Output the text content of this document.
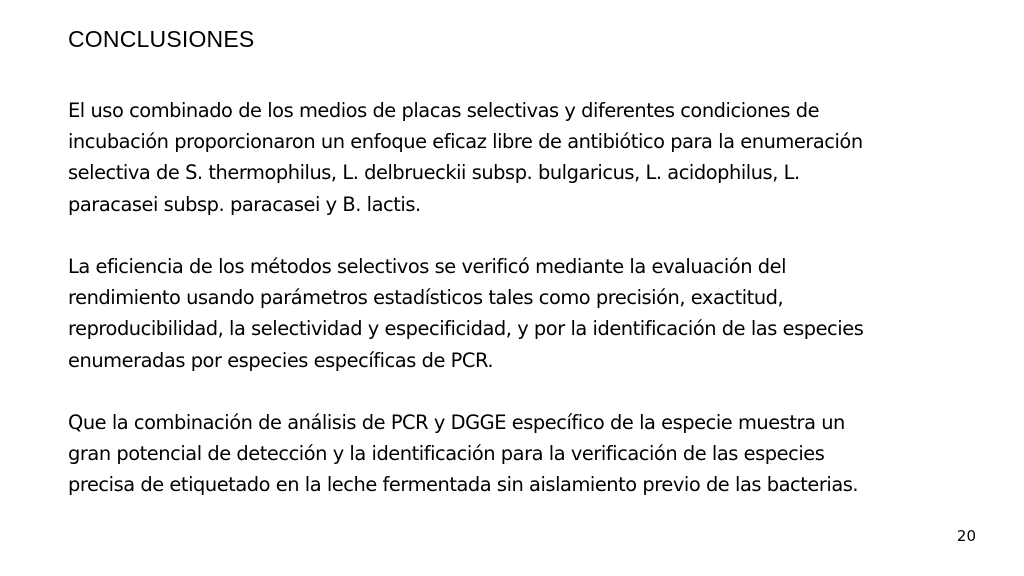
CONCLUSIONES

El uso combinado de los medios de placas selectivas y diferentes condiciones de
incubación proporcionaron un enfoque eficaz libre de antibiótico para la enumeración
selectiva de S. thermophilus, L. delbrueckii subsp. bulgaricus, L. acidophilus, L.
paracasei subsp. paracasei y B. lactis.

La eficiencia de los métodos selectivos se verificó mediante la evaluación del
rendimiento usando parámetros estadísticos tales como precisión, exactitud,
reproducibilidad, la selectividad y especificidad, y por la identificación de las especies
enumeradas por especies específicas de PCR.

Que la combinación de análisis de PCR y DGGE específico de la especie muestra un
gran potencial de detección y la identificación para la verificación de las especies
precisa de etiquetado en la leche fermentada sin aislamiento previo de las bacterias.

20
